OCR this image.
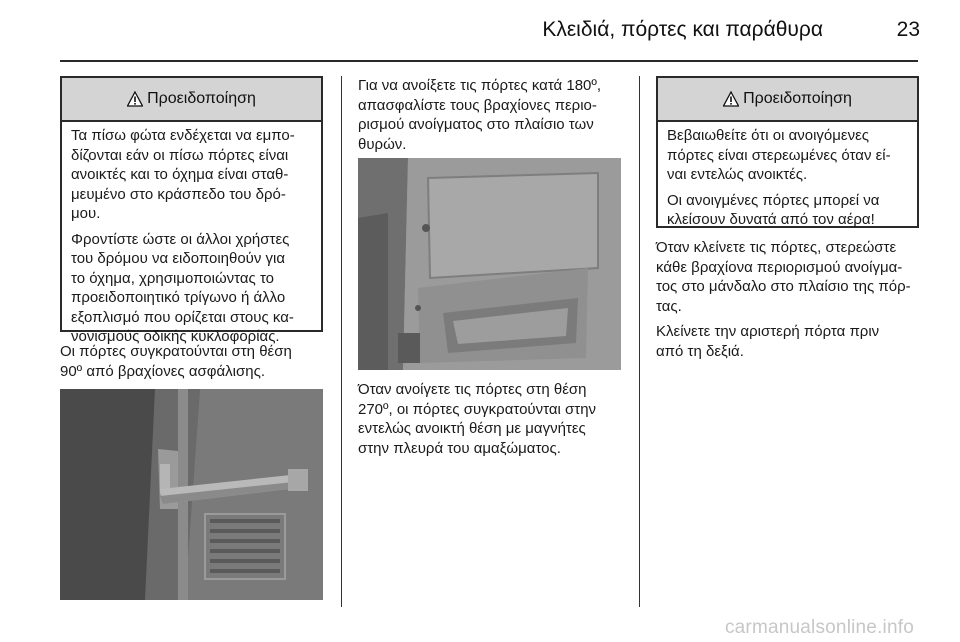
Κλειδιά, πόρτες και παράθυρα	23
Προειδοποίηση

Τα πίσω φώτα ενδέχεται να εμπο-
δίζονται εάν οι πίσω πόρτες είναι
ανοικτές και το όχημα είναι σταθ-
μευμένο στο κράσπεδο του δρό-
μου.

Φροντίστε ώστε οι άλλοι χρήστες
του δρόμου να ειδοποιηθούν για
το όχημα, χρησιμοποιώντας το
προειδοποιητικό τρίγωνο ή άλλο
εξοπλισμό που ορίζεται στους κα-
νονισμούς οδικής κυκλοφορίας.

Οι πόρτες συγκρατούνται στη θέση
90º από βραχίονες ασφάλισης.
Για να ανοίξετε τις πόρτες κατά 180º,
απασφαλίστε τους βραχίονες περιο-
ρισμού ανοίγματος στο πλαίσιο των
θυρών.
Όταν ανοίγετε τις πόρτες στη θέση
270º, οι πόρτες συγκρατούνται στην
εντελώς ανοικτή θέση με μαγνήτες
στην πλευρά του αμαξώματος.
Προειδοποίηση

Βεβαιωθείτε ότι οι ανοιγόμενες
πόρτες είναι στερεωμένες όταν εί-
ναι εντελώς ανοικτές.

Οι ανοιγμένες πόρτες μπορεί να
κλείσουν δυνατά από τον αέρα!

Όταν κλείνετε τις πόρτες, στερεώστε
κάθε βραχίονα περιορισμού ανοίγμα-
τος στο μάνδαλο στο πλαίσιο της πόρ-
τας.

Κλείνετε την αριστερή πόρτα πριν
από τη δεξιά.

carmanualsonline.info
